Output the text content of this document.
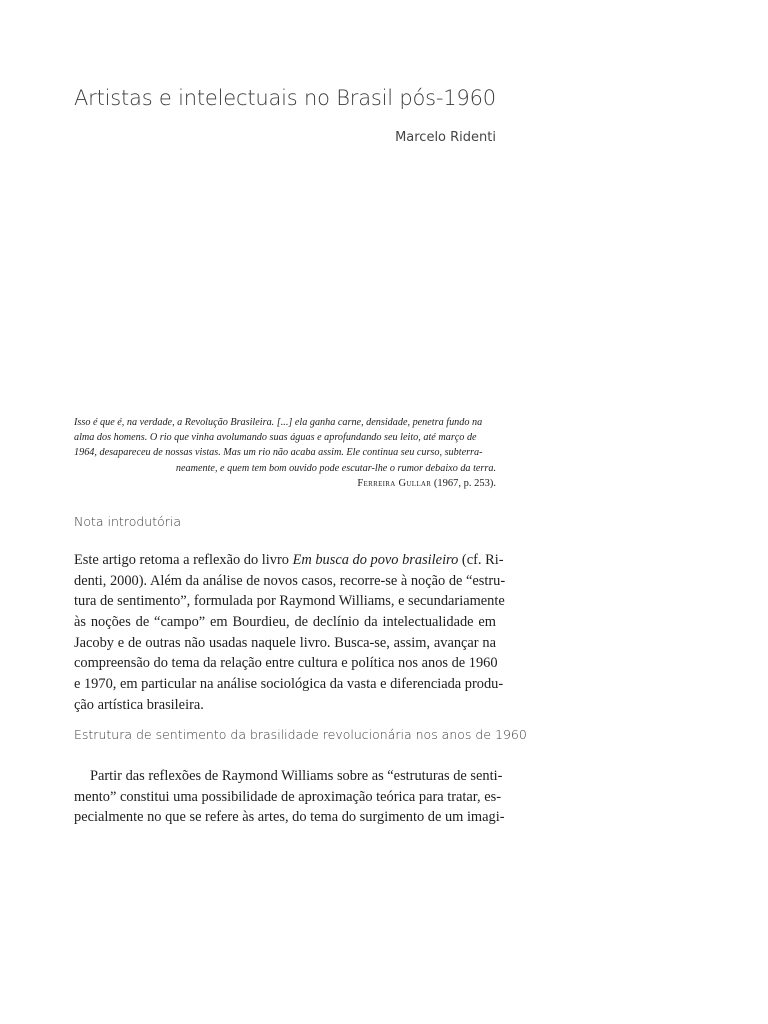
Artistas e intelectuais no Brasil pós-1960
Marcelo Ridenti
Isso é que é, na verdade, a Revolução Brasileira. [...] ela ganha carne, densidade, penetra fundo na
alma dos homens. O rio que vinha avolumando suas águas e aprofundando seu leito, até março de
1964, desapareceu de nossas vistas. Mas um rio não acaba assim. Ele continua seu curso, subterra-
neamente, e quem tem bom ouvido pode escutar-lhe o rumor debaixo da terra.
Ferreira Gullar (1967, p. 253).
Nota introdutória
Este artigo retoma a reflexão do livro Em busca do povo brasileiro (cf. Ri-
denti, 2000). Além da análise de novos casos, recorre-se à noção de “estru-
tura de sentimento”, formulada por Raymond Williams, e secundariamente
às noções de “campo” em Bourdieu, de declínio da intelectualidade em
Jacoby e de outras não usadas naquele livro. Busca-se, assim, avançar na
compreensão do tema da relação entre cultura e política nos anos de 1960
e 1970, em particular na análise sociológica da vasta e diferenciada produ-
ção artística brasileira.
Estrutura de sentimento da brasilidade revolucionária nos anos de 1960
Partir das reflexões de Raymond Williams sobre as “estruturas de senti-
mento” constitui uma possibilidade de aproximação teórica para tratar, es-
pecialmente no que se refere às artes, do tema do surgimento de um imagi-
